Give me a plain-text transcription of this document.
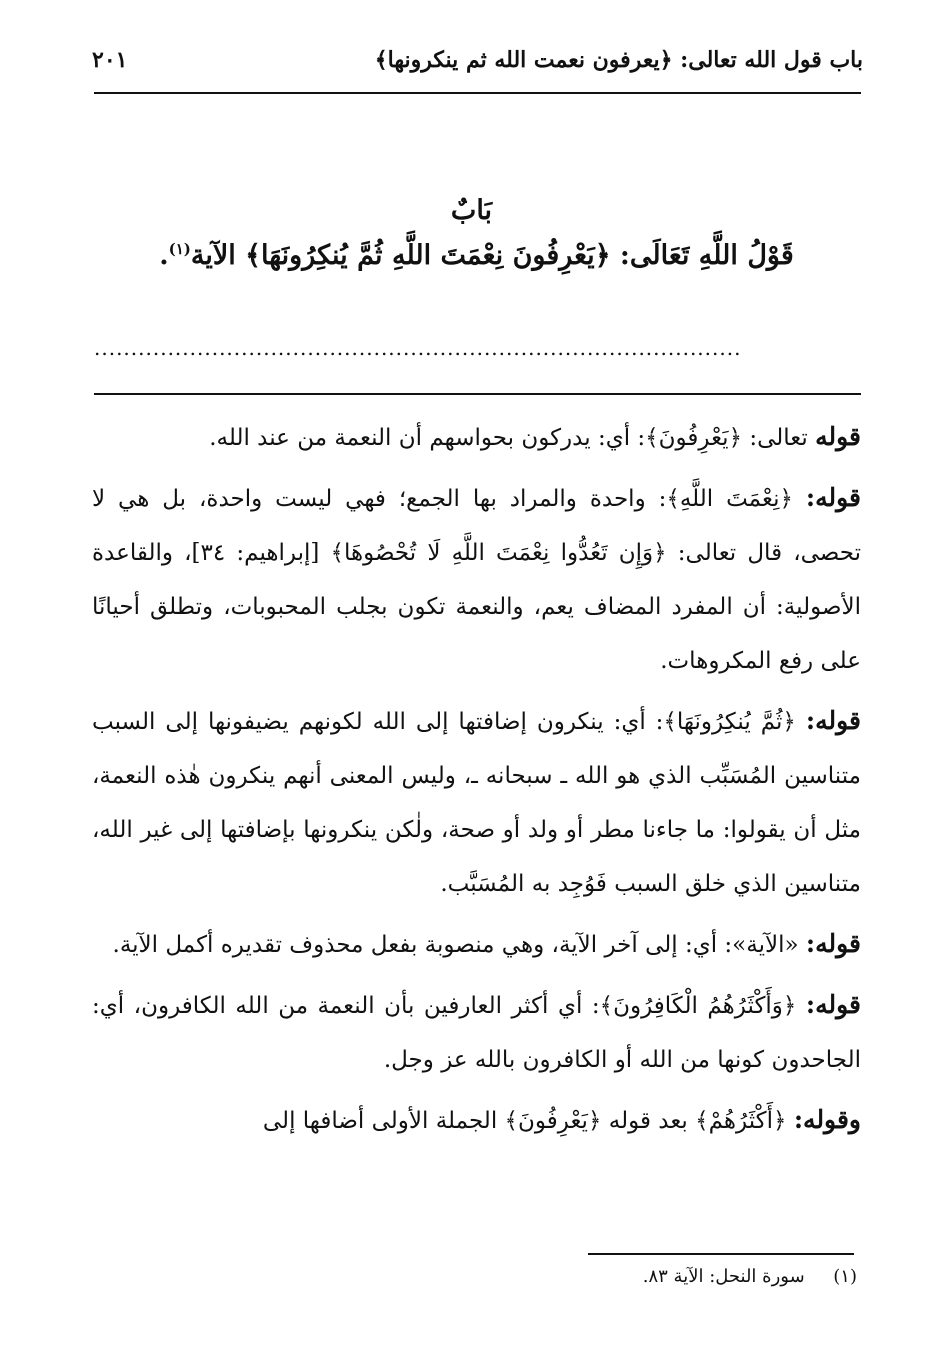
باب قول الله تعالى: ﴿يعرفون نعمت الله ثم ينكرونها﴾
٢٠١
بَابٌ
قَوْلُ اللَّهِ تَعَالَى: ﴿يَعْرِفُونَ نِعْمَتَ اللَّهِ ثُمَّ يُنكِرُونَهَا﴾ الآية$^{(١)}$.
........................................................................................

قوله تعالى: ﴿يَعْرِفُونَ﴾: أي: يدركون بحواسهم أن النعمة من عند الله.

قوله: ﴿نِعْمَتَ اللَّهِ﴾: واحدة والمراد بها الجمع؛ فهي ليست واحدة، بل هي لا تحصى، قال تعالى: ﴿وَإِن تَعُدُّوا نِعْمَتَ اللَّهِ لَا تُحْصُوهَا﴾ [إبراهيم: ٣٤]، والقاعدة الأصولية: أن المفرد المضاف يعم، والنعمة تكون بجلب المحبوبات، وتطلق أحيانًا على رفع المكروهات.

قوله: ﴿ثُمَّ يُنكِرُونَهَا﴾: أي: ينكرون إضافتها إلى الله لكونهم يضيفونها إلى السبب متناسين المُسَبِّب الذي هو الله ـ سبحانه ـ، وليس المعنى أنهم ينكرون هٰذه النعمة، مثل أن يقولوا: ما جاءنا مطر أو ولد أو صحة، ولٰكن ينكرونها بإضافتها إلى غير الله، متناسين الذي خلق السبب فَوُجِد به المُسَبَّب.

قوله: «الآية»: أي: إلى آخر الآية، وهي منصوبة بفعل محذوف تقديره أكمل الآية.

قوله: ﴿وَأَكْثَرُهُمُ الْكَافِرُونَ﴾: أي أكثر العارفين بأن النعمة من الله الكافرون، أي: الجاحدون كونها من الله أو الكافرون بالله عز وجل.

وقوله: ﴿أَكْثَرُهُمْ﴾ بعد قوله ﴿يَعْرِفُونَ﴾ الجملة الأولى أضافها إلى

(١)     سورة النحل: الآية ٨٣.
